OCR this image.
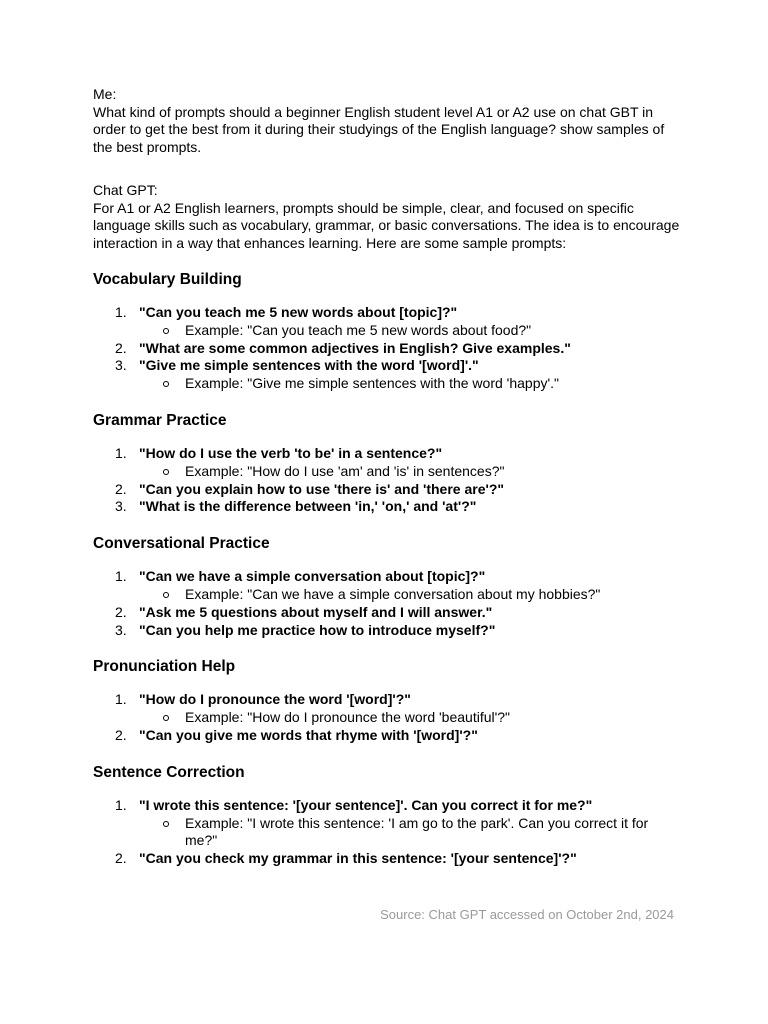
Me:

What kind of prompts should a beginner English student level A1 or A2 use on chat GBT in order to get the best from it during their studyings of the English language? show samples of the best prompts.

Chat GPT:

For A1 or A2 English learners, prompts should be simple, clear, and focused on specific language skills such as vocabulary, grammar, or basic conversations. The idea is to encourage interaction in a way that enhances learning. Here are some sample prompts:

Vocabulary Building
1. "Can you teach me 5 new words about [topic]?"
Example: "Can you teach me 5 new words about food?"
2. "What are some common adjectives in English? Give examples."
3. "Give me simple sentences with the word '[word]'."
Example: "Give me simple sentences with the word 'happy'."
Grammar Practice
1. "How do I use the verb 'to be' in a sentence?"
Example: "How do I use 'am' and 'is' in sentences?"
2. "Can you explain how to use 'there is' and 'there are'?"
3. "What is the difference between 'in,' 'on,' and 'at'?"
Conversational Practice
1. "Can we have a simple conversation about [topic]?"
Example: "Can we have a simple conversation about my hobbies?"
2. "Ask me 5 questions about myself and I will answer."
3. "Can you help me practice how to introduce myself?"
Pronunciation Help
1. "How do I pronounce the word '[word]'?"
Example: "How do I pronounce the word 'beautiful'?"
2. "Can you give me words that rhyme with '[word]'?"
Sentence Correction
1. "I wrote this sentence: '[your sentence]'. Can you correct it for me?"
Example: "I wrote this sentence: 'I am go to the park'. Can you correct it for me?"
2. "Can you check my grammar in this sentence: '[your sentence]'?"
Source: Chat GPT accessed on October 2nd, 2024
